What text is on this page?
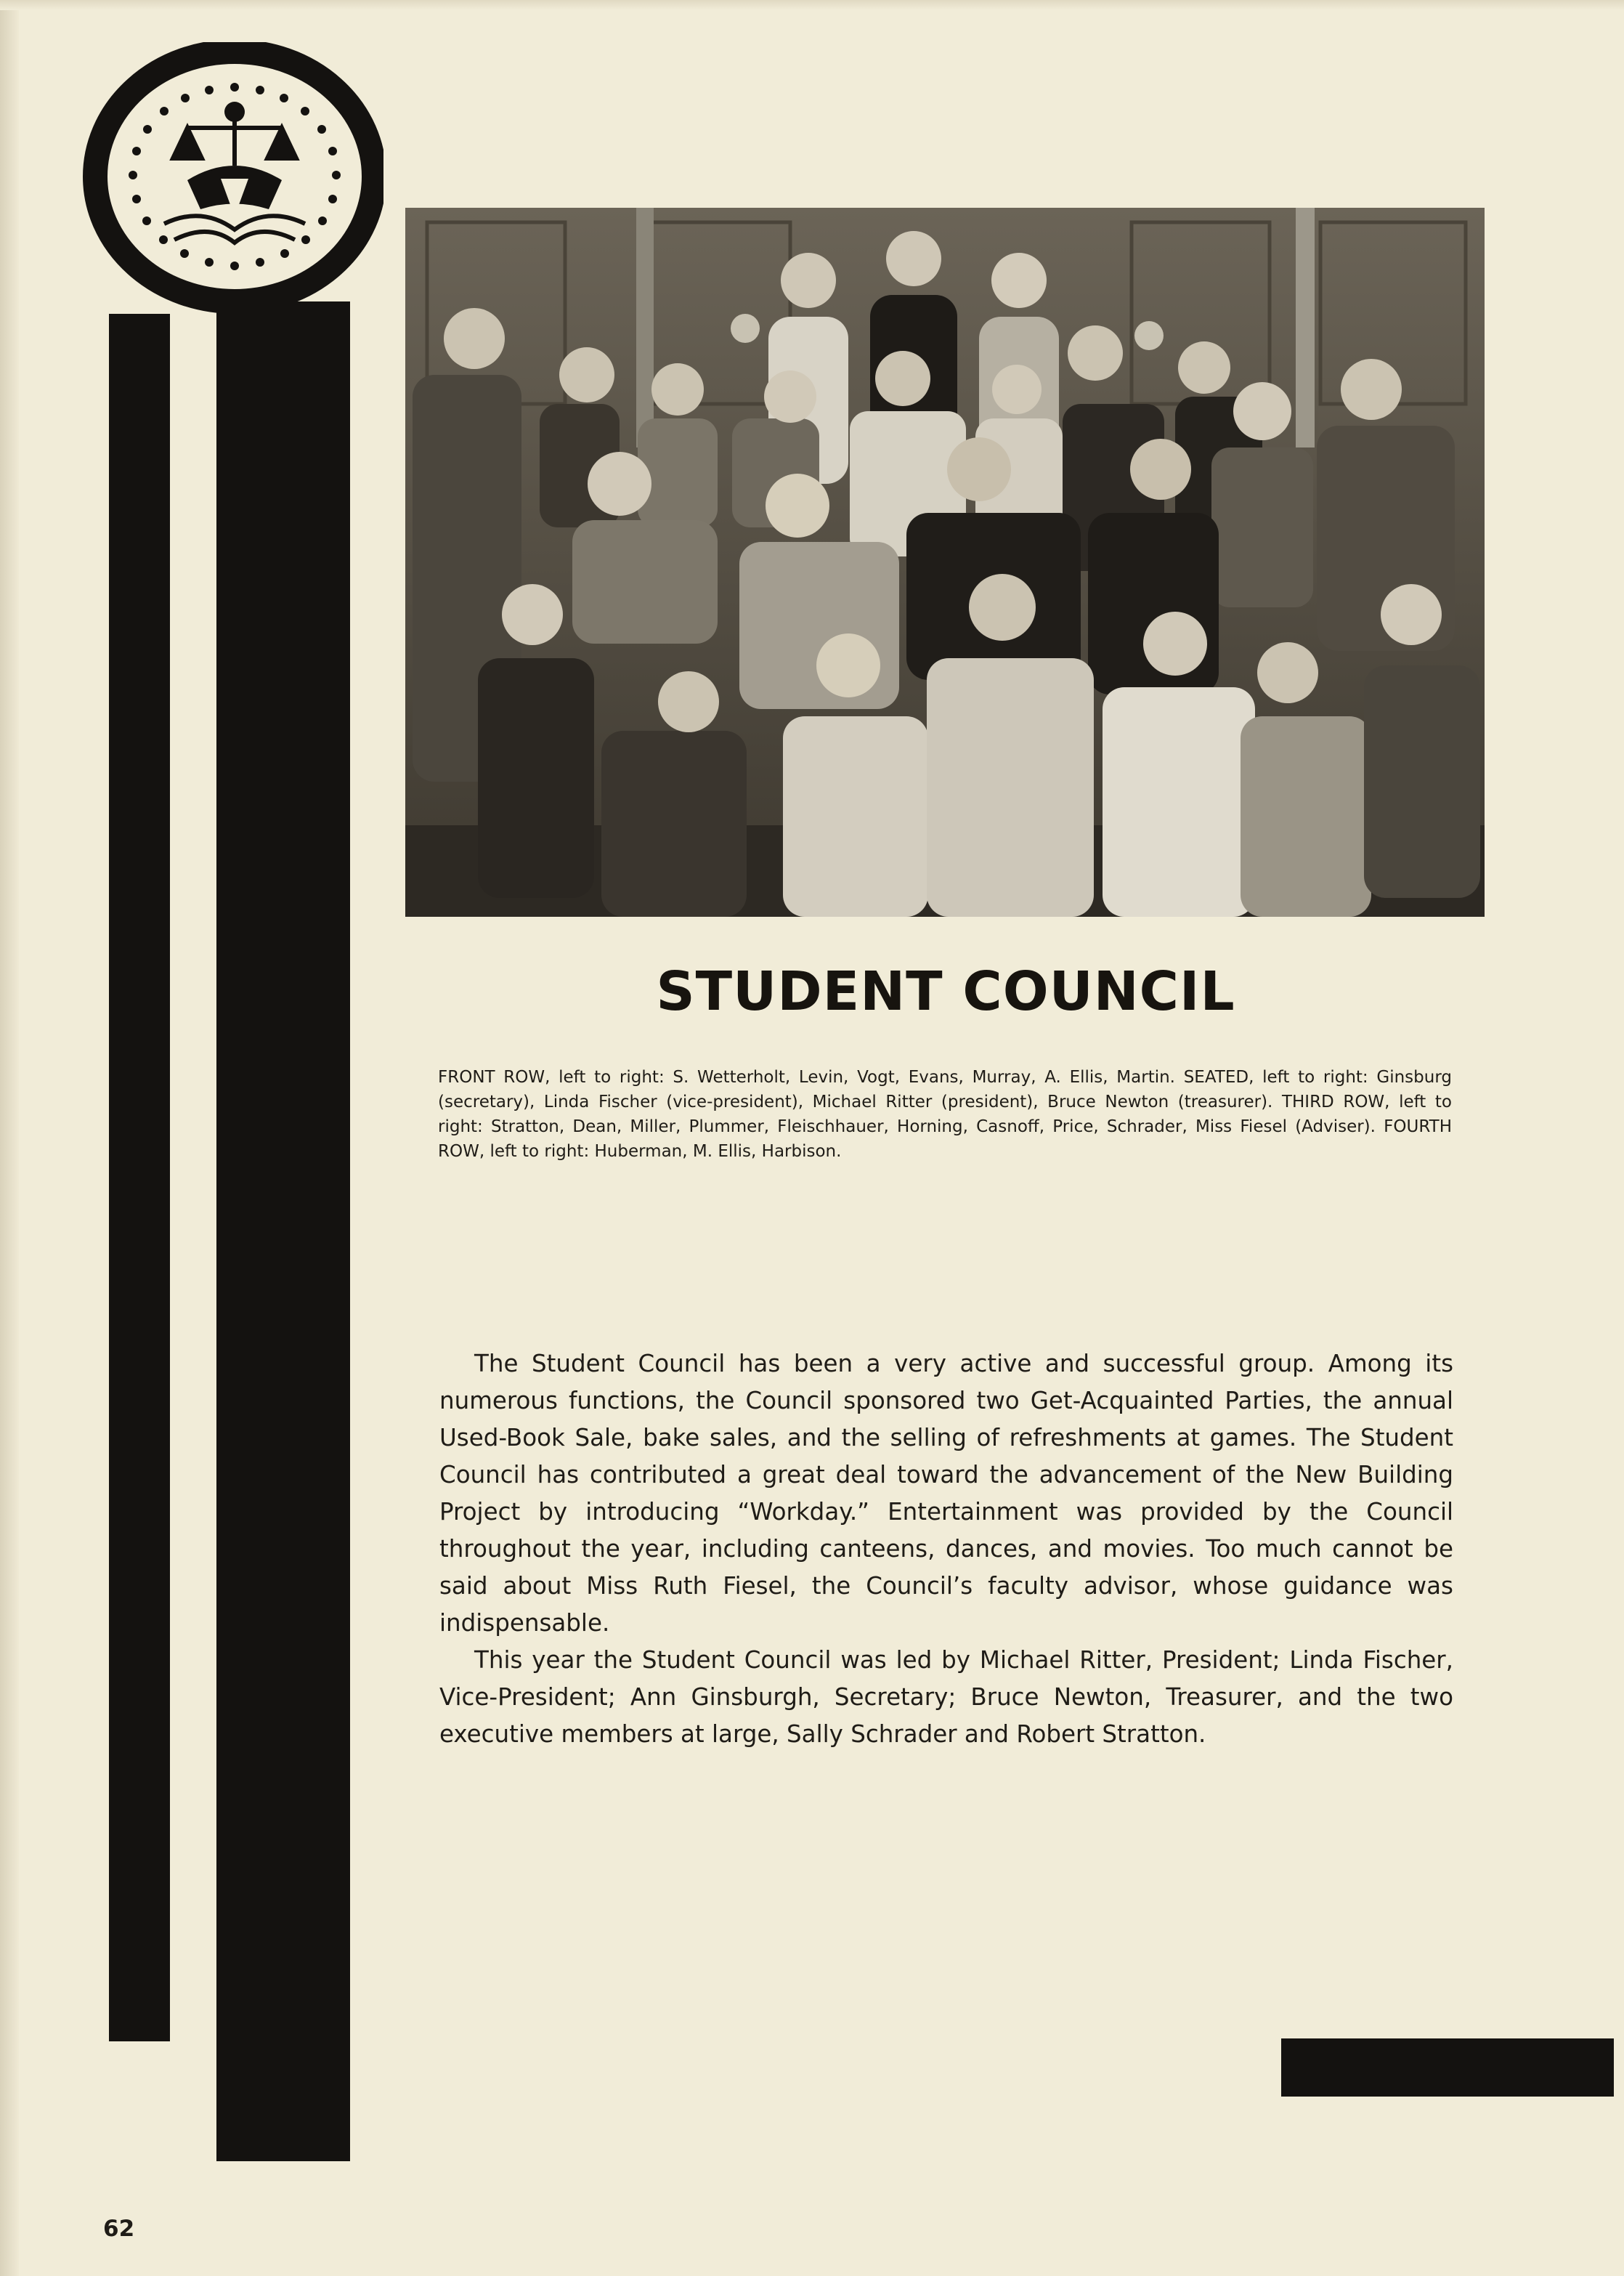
STUDENT COUNCIL
FRONT ROW, left to right: S. Wetterholt, Levin, Vogt, Evans, Murray, A. Ellis, Martin. SEATED, left to right: Ginsburg (secretary), Linda Fischer (vice-president), Michael Ritter (president), Bruce Newton (treasurer). THIRD ROW, left to right: Stratton, Dean, Miller, Plummer, Fleischhauer, Horning, Casnoff, Price, Schrader, Miss Fiesel (Adviser). FOURTH ROW, left to right: Huberman, M. Ellis, Harbison.

The Student Council has been a very active and successful group. Among its numerous functions, the Council sponsored two Get-Acquainted Parties, the annual Used-Book Sale, bake sales, and the selling of refreshments at games. The Student Council has contributed a great deal toward the advancement of the New Building Project by introducing “Workday.” Entertainment was provided by the Council throughout the year, including canteens, dances, and movies. Too much cannot be said about Miss Ruth Fiesel, the Council’s faculty advisor, whose guidance was indispensable.

This year the Student Council was led by Michael Ritter, President; Linda Fischer, Vice-President; Ann Ginsburgh, Secretary; Bruce Newton, Treasurer, and the two executive members at large, Sally Schrader and Robert Stratton.

62
